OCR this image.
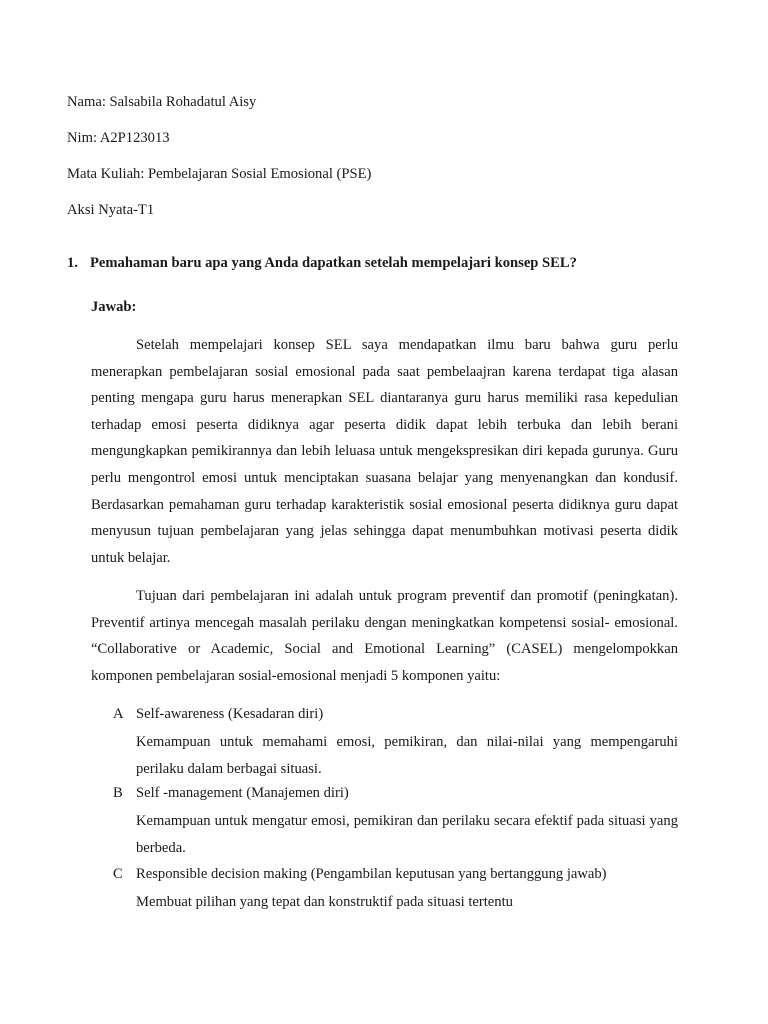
Nama: Salsabila Rohadatul Aisy
Nim: A2P123013
Mata Kuliah: Pembelajaran Sosial Emosional (PSE)
Aksi Nyata-T1
1. Pemahaman baru apa yang Anda dapatkan setelah mempelajari konsep SEL?
Jawab:

Setelah mempelajari konsep SEL saya mendapatkan ilmu baru bahwa guru perlu menerapkan pembelajaran sosial emosional pada saat pembelaajran karena terdapat tiga alasan penting mengapa guru harus menerapkan SEL diantaranya guru harus memiliki rasa kepedulian terhadap emosi peserta didiknya agar peserta didik dapat lebih terbuka dan lebih berani mengungkapkan pemikirannya dan lebih leluasa untuk mengekspresikan diri kepada gurunya. Guru perlu mengontrol emosi untuk menciptakan suasana belajar yang menyenangkan dan kondusif. Berdasarkan pemahaman guru terhadap karakteristik sosial emosional peserta didiknya guru dapat menyusun tujuan pembelajaran yang jelas sehingga dapat menumbuhkan motivasi peserta didik untuk belajar.

Tujuan dari pembelajaran ini adalah untuk program preventif dan promotif (peningkatan). Preventif artinya mencegah masalah perilaku dengan meningkatkan kompetensi sosial- emosional. “Collaborative or Academic, Social and Emotional Learning” (CASEL) mengelompokkan komponen pembelajaran sosial-emosional menjadi 5 komponen yaitu:

A Self-awareness (Kesadaran diri)

Kemampuan untuk memahami emosi, pemikiran, dan nilai-nilai yang mempengaruhi perilaku dalam berbagai situasi.

B Self -management (Manajemen diri)

Kemampuan untuk mengatur emosi, pemikiran dan perilaku secara efektif pada situasi yang berbeda.

C Responsible decision making (Pengambilan keputusan yang bertanggung jawab)

Membuat pilihan yang tepat dan konstruktif pada situasi tertentu
